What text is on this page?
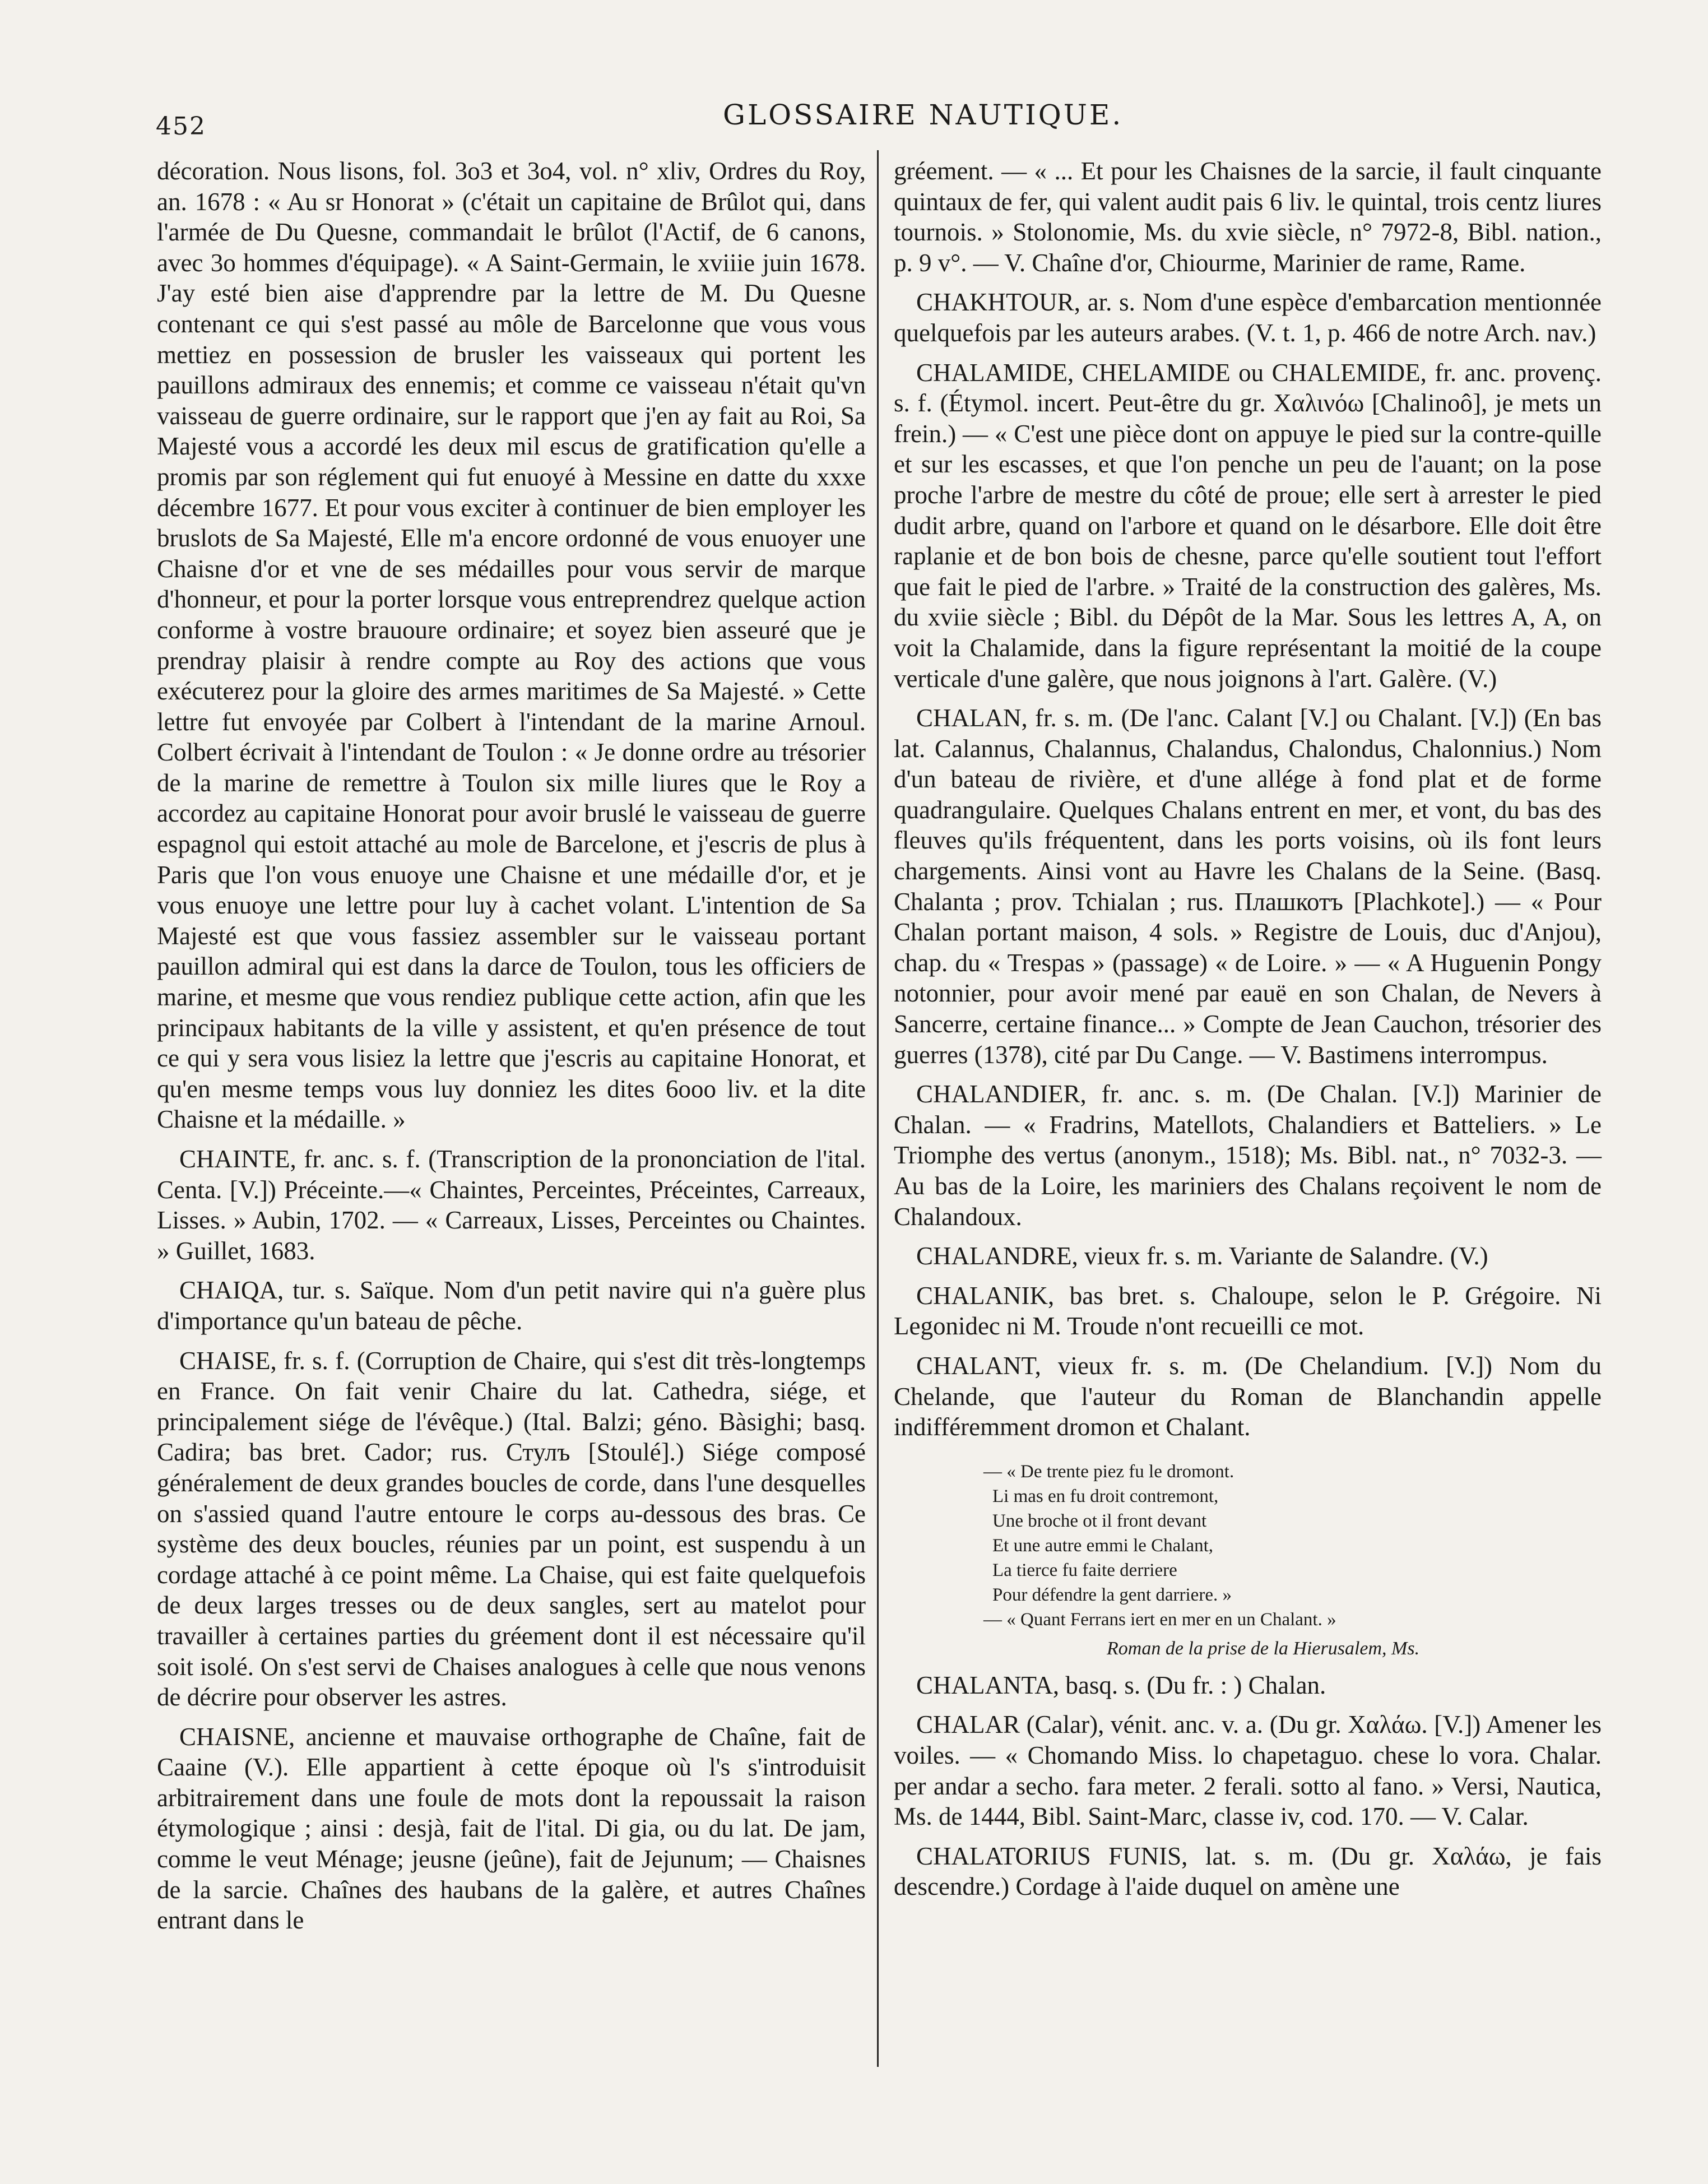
452	GLOSSAIRE NAUTIQUE.

décoration. Nous lisons, fol. 3o3 et 3o4, vol. n° xliv, Ordres du Roy, an. 1678 : « Au sr Honorat » (c'était un capitaine de Brûlot qui, dans l'armée de Du Quesne, commandait le brûlot (l'Actif, de 6 canons, avec 3o hommes d'équipage). « A Saint-Germain, le xviiie juin 1678. J'ay esté bien aise d'apprendre par la lettre de M. Du Quesne contenant ce qui s'est passé au môle de Barcelonne que vous vous mettiez en possession de brusler les vaisseaux qui portent les pauillons admiraux des ennemis; et comme ce vaisseau n'était qu'vn vaisseau de guerre ordinaire, sur le rapport que j'en ay fait au Roi, Sa Majesté vous a accordé les deux mil escus de gratification qu'elle a promis par son réglement qui fut enuoyé à Messine en datte du xxxe décembre 1677. Et pour vous exciter à continuer de bien employer les bruslots de Sa Majesté, Elle m'a encore ordonné de vous enuoyer une Chaisne d'or et vne de ses médailles pour vous servir de marque d'honneur, et pour la porter lorsque vous entreprendrez quelque action conforme à vostre brauoure ordinaire; et soyez bien asseuré que je prendray plaisir à rendre compte au Roy des actions que vous exécuterez pour la gloire des armes maritimes de Sa Majesté. » Cette lettre fut envoyée par Colbert à l'intendant de la marine Arnoul. Colbert écrivait à l'intendant de Toulon : « Je donne ordre au trésorier de la marine de remettre à Toulon six mille liures que le Roy a accordez au capitaine Honorat pour avoir bruslé le vaisseau de guerre espagnol qui estoit attaché au mole de Barcelone, et j'escris de plus à Paris que l'on vous enuoye une Chaisne et une médaille d'or, et je vous enuoye une lettre pour luy à cachet volant. L'intention de Sa Majesté est que vous fassiez assembler sur le vaisseau portant pauillon admiral qui est dans la darce de Toulon, tous les officiers de marine, et mesme que vous rendiez publique cette action, afin que les principaux habitants de la ville y assistent, et qu'en présence de tout ce qui y sera vous lisiez la lettre que j'escris au capitaine Honorat, et qu'en mesme temps vous luy donniez les dites 6ooo liv. et la dite Chaisne et la médaille. »

CHAINTE, fr. anc. s. f. (Transcription de la prononciation de l'ital. Centa. [V.]) Préceinte.—« Chaintes, Perceintes, Préceintes, Carreaux, Lisses. » Aubin, 1702. — « Carreaux, Lisses, Perceintes ou Chaintes. » Guillet, 1683.

CHAIQA, tur. s. Saïque. Nom d'un petit navire qui n'a guère plus d'importance qu'un bateau de pêche.

CHAISE, fr. s. f. (Corruption de Chaire, qui s'est dit très-longtemps en France. On fait venir Chaire du lat. Cathedra, siége, et principalement siége de l'évêque.) (Ital. Balzi; génо. Bàsighi; basq. Cadira; bas bret. Cador; rus. Стулъ [Stoulé].) Siége composé généralement de deux grandes boucles de corde, dans l'une desquelles on s'assied quand l'autre entoure le corps au-dessous des bras. Ce système des deux boucles, réunies par un point, est suspendu à un cordage attaché à ce point même. La Chaise, qui est faite quelquefois de deux larges tresses ou de deux sangles, sert au matelot pour travailler à certaines parties du gréement dont il est nécessaire qu'il soit isolé. On s'est servi de Chaises analogues à celle que nous venons de décrire pour observer les astres.

CHAISNE, ancienne et mauvaise orthographe de Chaîne, fait de Caaine (V.). Elle appartient à cette époque où l's s'introduisit arbitrairement dans une foule de mots dont la repoussait la raison étymologique ; ainsi : desjà, fait de l'ital. Di gia, ou du lat. De jam, comme le veut Ménage; jeusne (jeûne), fait de Jejunum; — Chaisnes de la sarcie. Chaînes des haubans de la galère, et autres Chaînes entrant dans le

gréement. — « ... Et pour les Chaisnes de la sarcie, il fault cinquante quintaux de fer, qui valent audit pais 6 liv. le quintal, trois centz liures tournois. » Stolonomie, Ms. du xvie siècle, n° 7972-8, Bibl. nation., p. 9 v°. — V. Chaîne d'or, Chiourme, Marinier de rame, Rame.

CHAKHTOUR, ar. s. Nom d'une espèce d'embarcation mentionnée quelquefois par les auteurs arabes. (V. t. 1, p. 466 de notre Arch. nav.)

CHALAMIDE, CHELAMIDE ou CHALEMIDE, fr. anc. provenç. s. f. (Étymol. incert. Peut-être du gr. Χαλινόω [Chalinoô], je mets un frein.) — « C'est une pièce dont on appuye le pied sur la contre-quille et sur les escasses, et que l'on penche un peu de l'auant; on la pose proche l'arbre de mestre du côté de proue; elle sert à arrester le pied dudit arbre, quand on l'arbore et quand on le désarbore. Elle doit être raplanie et de bon bois de chesne, parce qu'elle soutient tout l'effort que fait le pied de l'arbre. » Traité de la construction des galères, Ms. du xviie siècle ; Bibl. du Dépôt de la Mar. Sous les lettres A, A, on voit la Chalamide, dans la figure représentant la moitié de la coupe verticale d'une galère, que nous joignons à l'art. Galère. (V.)

CHALAN, fr. s. m. (De l'anc. Calant [V.] ou Chalant. [V.]) (En bas lat. Calannus, Chalannus, Chalandus, Chalondus, Chalonnius.) Nom d'un bateau de rivière, et d'une allége à fond plat et de forme quadrangulaire. Quelques Chalans entrent en mer, et vont, du bas des fleuves qu'ils fréquentent, dans les ports voisins, où ils font leurs chargements. Ainsi vont au Havre les Chalans de la Seine. (Basq. Chalanta ; prov. Tchialan ; rus. Плашкотъ [Plachkote].) — « Pour Chalan portant maison, 4 sols. » Registre de Louis, duc d'Anjou), chap. du « Trespas » (passage) « de Loire. » — « A Huguenin Pongy notonnier, pour avoir mené par eauë en son Chalan, de Nevers à Sancerre, certaine finance... » Compte de Jean Cauchon, trésorier des guerres (1378), cité par Du Cange. — V. Bastimens interrompus.

CHALANDIER, fr. anc. s. m. (De Chalan. [V.]) Marinier de Chalan. — « Fradrins, Matellots, Chalandiers et Batteliers. » Le Triomphe des vertus (anonym., 1518); Ms. Bibl. nat., n° 7032-3. — Au bas de la Loire, les mariniers des Chalans reçoivent le nom de Chalandoux.

CHALANDRE, vieux fr. s. m. Variante de Salandre. (V.)

CHALANIK, bas bret. s. Chaloupe, selon le P. Grégoire. Ni Legonidec ni M. Troude n'ont recueilli ce mot.

CHALANT, vieux fr. s. m. (De Chelandium. [V.]) Nom du Chelande, que l'auteur du Roman de Blanchandin appelle indifféremment dromon et Chalant.

— « De trente piez fu le dromont.
Li mas en fu droit contremont,
Une broche ot il front devant
Et une autre emmi le Chalant,
La tierce fu faite derriere
Pour défendre la gent darriere. »
— « Quant Ferrans iert en mer en un Chalant. »
Roman de la prise de la Hierusalem, Ms.

CHALANTA, basq. s. (Du fr. : ) Chalan.

CHALAR (Calar), vénit. anc. v. a. (Du gr. Χαλάω. [V.]) Amener les voiles. — « Chomando Miss. lo chapetaguo. chese lo vora. Chalar. per andar a secho. fara meter. 2 ferali. sotto al fano. » Versi, Nautica, Ms. de 1444, Bibl. Saint-Marc, classe iv, cod. 170. — V. Calar.

CHALATORIUS FUNIS, lat. s. m. (Du gr. Χαλάω, je fais descendre.) Cordage à l'aide duquel on amène une
